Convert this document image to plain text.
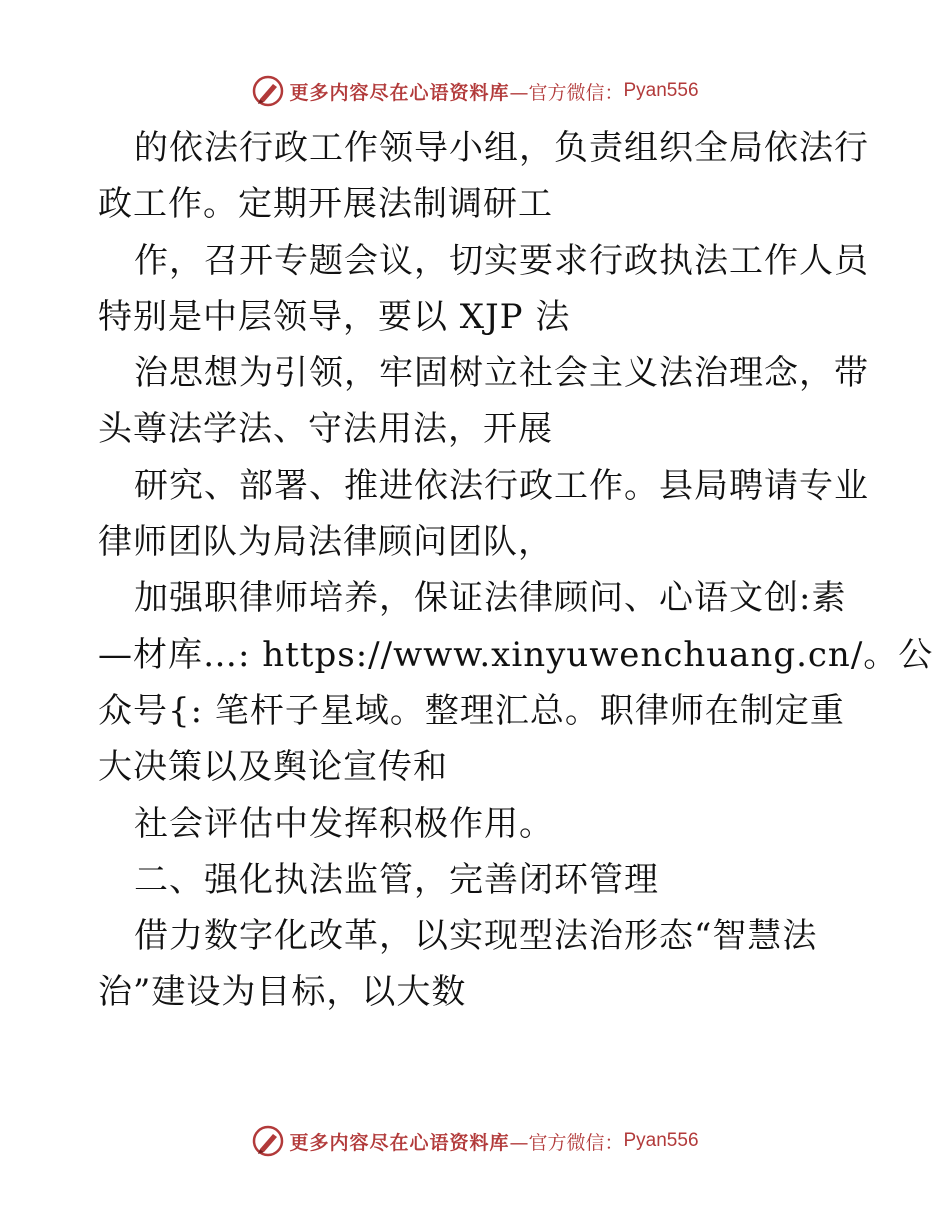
更多内容尽在心语资料库 —官方微信： Pyan556
的依法行政工作领导小组，负责组织全局依法行
政工作。定期开展法制调研工
作，召开专题会议，切实要求行政执法工作人员
特别是中层领导，要以 XJP 法
治思想为引领，牢固树立社会主义法治理念，带
头尊法学法、守法用法，开展
研究、部署、推进依法行政工作。县局聘请专业
律师团队为局法律顾问团队，
加强职律师培养，保证法律顾问、心语文创:素
—材库…: https://www.xinyuwenchuang.cn/。公
众号{: 笔杆子星域。整理汇总。职律师在制定重
大决策以及舆论宣传和
社会评估中发挥积极作用。
二、强化执法监管，完善闭环管理
借力数字化改革，以实现型法治形态“智慧法
治”建设为目标，以大数
更多内容尽在心语资料库 —官方微信： Pyan556
